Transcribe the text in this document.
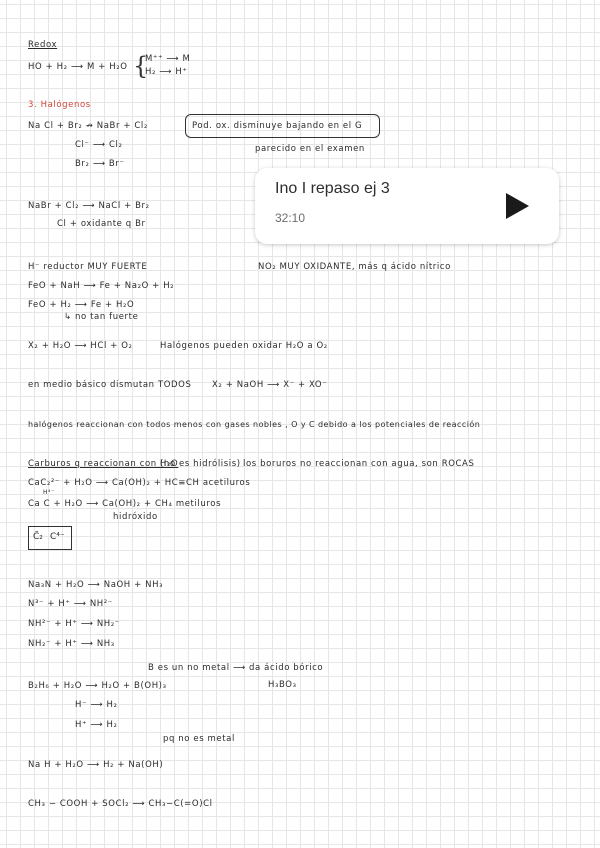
Redox
HO + H₂ ⟶ M + H₂O {
M⁺⁺ ⟶ M
H₂ ⟶ H⁺
3. Halógenos
Na Cl + Br₂ ↛ NaBr + Cl₂	Pod. ox. disminuye bajando en el G
parecido en el examen
Cl⁻ ⟶ Cl₂
Br₂ ⟶ Br⁻
NaBr + Cl₂ ⟶ NaCl + Br₂
Cl + oxidante q Br
Ino I repaso ej 3
32:10
H⁻ reductor MUY FUERTE	NO₂ MUY OXIDANTE, más q ácido nítrico
FeO + NaH ⟶ Fe + Na₂O + H₂
FeO + H₂ ⟶ Fe + H₂O
↳ no tan fuerte
X₂ + H₂O ⟶ HCl + O₂	Halógenos pueden oxidar H₂O a O₂
en medio básico dismutan TODOS X₂ + NaOH ⟶ X⁻ + XO⁻
halógenos reaccionan con todos menos con gases nobles , O y C debido a los potenciales de reacción
Carburos q reaccionan con H₂O
(no es hidrólisis) los boruros no reaccionan con agua, son ROCAS
CaC₂²⁻ + H₂O ⟶ Ca(OH)₂ + HC≡CH acetiluros
H⁴⁻
Ca C + H₂O ⟶ Ca(OH)₂ + CH₄ metiluros
hidróxido
C̄₂ C⁴⁻
Na₃N + H₂O ⟶ NaOH + NH₃
N³⁻ + H⁺ ⟶ NH²⁻
NH²⁻ + H⁺ ⟶ NH₂⁻
NH₂⁻ + H⁺ ⟶ NH₃
B es un no metal ⟶ da ácido bórico
H₃BO₃
B₂H₆ + H₂O ⟶ H₂O + B(OH)₃
H⁻ ⟶ H₂
H⁺ ⟶ H₂
pq no es metal
Na H + H₂O ⟶ H₂ + Na(OH)
CH₃ − COOH + SOCl₂ ⟶ CH₃−C(=O)Cl
